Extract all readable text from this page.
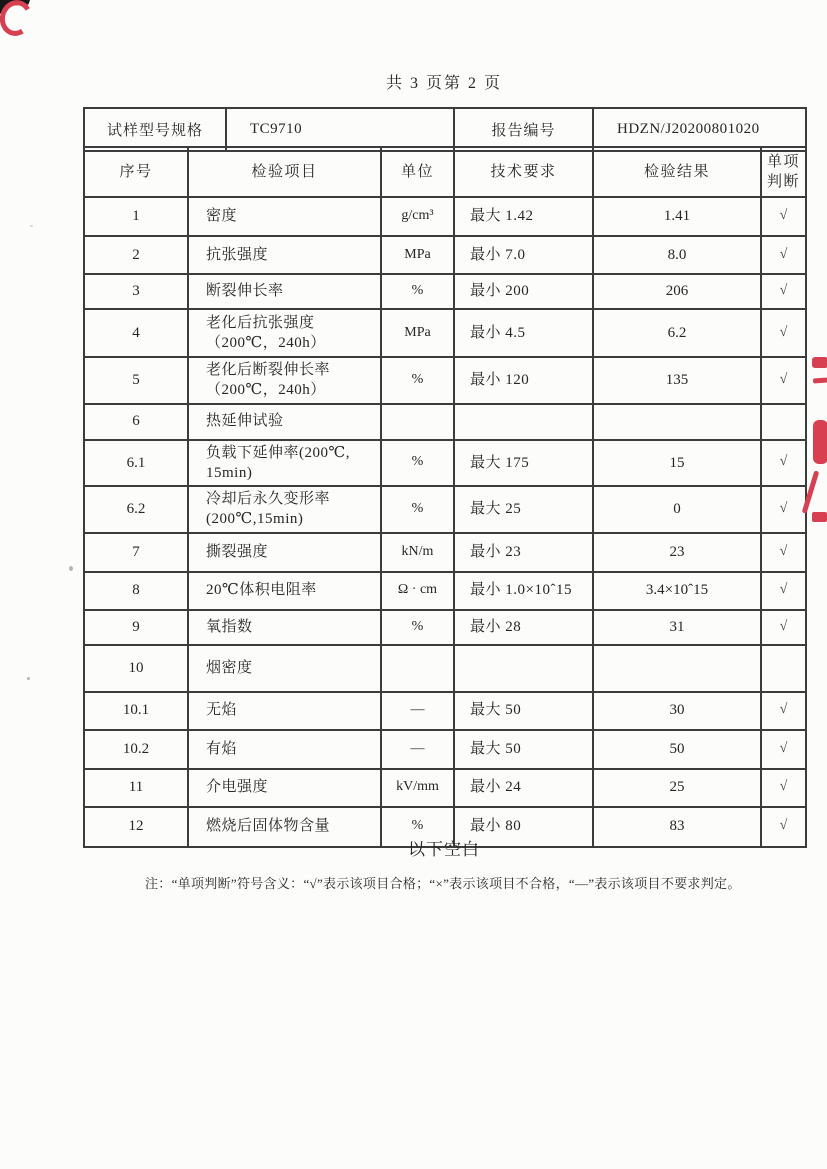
共 3 页第 2 页
试样型号规格	TC9710	报告编号	HDZN/J20200801020
序号	检验项目	单位	技术要求	检验结果	单项判断
1	密度	g/cm³	最大 1.42	1.41	√
2	抗张强度	MPa	最小 7.0	8.0	√
3	断裂伸长率	%	最小 200	206	√
4	老化后抗张强度（200℃，240h）	MPa	最小 4.5	6.2	√
5	老化后断裂伸长率（200℃，240h）	%	最小 120	135	√
6	热延伸试验				
6.1	负载下延伸率(200℃, 15min)	%	最大 175	15	√
6.2	冷却后永久变形率 (200℃,15min)	%	最大 25	0	√
7	撕裂强度	kN/m	最小 23	23	√
8	20℃体积电阻率	Ω · cm	最小 1.0×10ˆ15	3.4×10ˆ15	√
9	氧指数	%	最小 28	31	√
10	烟密度				
10.1	无焰	—	最大 50	30	√
10.2	有焰	—	最大 50	50	√
11	介电强度	kV/mm	最小 24	25	√
12	燃烧后固体物含量	%	最小 80	83	√
以下空白
注：“单项判断”符号含义：“√”表示该项目合格；“×”表示该项目不合格，“—”表示该项目不要求判定。
